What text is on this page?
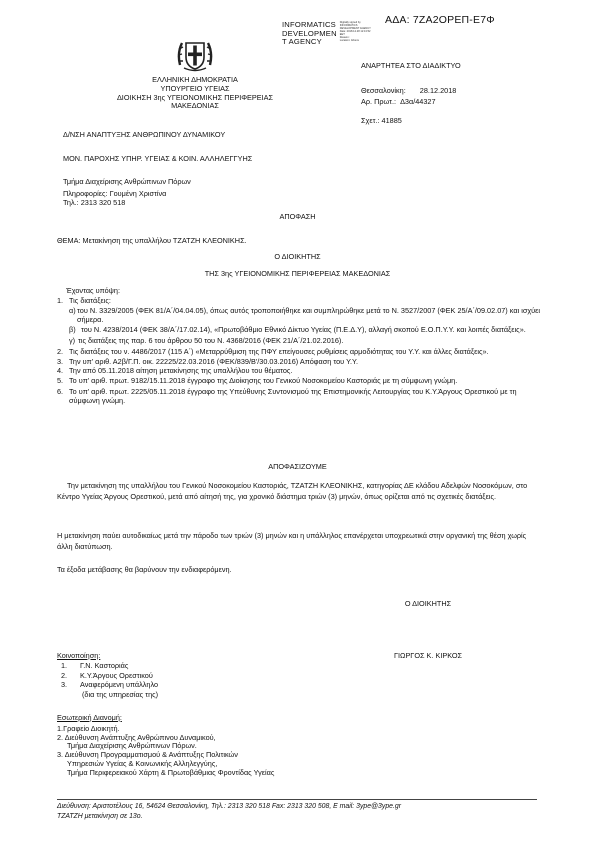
ΑΔΑ: 7ΖΑ2ΟΡΕΠ-Ε7Φ
INFORMATICS
DEVELOPMEN
T AGENCY
Digitally signed by
INFORMATICS
DEVELOPMENT AGENCY
Date: 2018.12.28 12:13:52
EET
Reason:
Location: Athens
ΕΛΛΗΝΙΚΗ ΔΗΜΟΚΡΑΤΙΑ
ΥΠΟΥΡΓΕΙΟ ΥΓΕΙΑΣ
ΔΙΟΙΚΗΣΗ 3ης ΥΓΕΙΟΝΟΜΙΚΗΣ ΠΕΡΙΦΕΡΕΙΑΣ
ΜΑΚΕΔΟΝΙΑΣ
ΑΝΑΡΤΗΤΕΑ ΣΤΟ ΔΙΑΔΙΚΤΥΟ
Θεσσαλονίκη: 28.12.2018
Αρ. Πρωτ.: Δ3α/44327
Σχετ.: 41885
Δ/ΝΣΗ ΑΝΑΠΤΥΞΗΣ ΑΝΘΡΩΠΙΝΟΥ ΔΥΝΑΜΙΚΟΥ
ΜΟΝ. ΠΑΡΟΧΗΣ ΥΠΗΡ. ΥΓΕΙΑΣ & ΚΟΙΝ. ΑΛΛΗΛΕΓΓΥΗΣ
Τμήμα Διαχείρισης Ανθρώπινων Πόρων
Πληροφορίες: Γουμένη Χριστίνα
Τηλ.: 2313 320 518
ΑΠΟΦΑΣΗ
ΘΕΜΑ: Μετακίνηση της υπαλλήλου ΤΖΑΤΖΗ ΚΛΕΟΝΙΚΗΣ.
Ο ΔΙΟΙΚΗΤΗΣ
ΤΗΣ 3ης ΥΓΕΙΟΝΟΜΙΚΗΣ ΠΕΡΙΦΕΡΕΙΑΣ ΜΑΚΕΔΟΝΙΑΣ
Έχοντας υπόψη:
1. Τις διατάξεις:
α) του Ν. 3329/2005 (ΦΕΚ 81/Α΄/04.04.05), όπως αυτός τροποποιήθηκε και συμπληρώθηκε μετά το Ν. 3527/2007 (ΦΕΚ 25/Α΄/09.02.07) και ισχύει σήμερα.
β) του Ν. 4238/2014 (ΦΕΚ 38/Α΄/17.02.14), «Πρωτοβάθμιο Εθνικό Δίκτυο Υγείας (Π.Ε.Δ.Υ), αλλαγή σκοπού Ε.Ο.Π.Υ.Υ. και λοιπές διατάξεις».
γ) τις διατάξεις της παρ. 6 του άρθρου 50 του Ν. 4368/2016 (ΦΕΚ 21/Α΄/21.02.2016).
2. Τις διατάξεις του ν. 4486/2017 (115 Α΄) «Μεταρρύθμιση της ΠΦΥ επείγουσες ρυθμίσεις αρμοδιότητας του Υ.Υ. και άλλες διατάξεις».
3. Την υπ' αριθ. Α2β/Γ.Π. οικ. 22225/22.03.2016 (ΦΕΚ/839/Β'/30.03.2016) Απόφαση του Υ.Υ.
4. Την από 05.11.2018 αίτηση μετακίνησης της υπαλλήλου του θέματος.
5. Το υπ' αριθ. πρωτ. 9182/15.11.2018 έγγραφο της Διοίκησης του Γενικού Νοσοκομείου Καστοριάς με τη σύμφωνη γνώμη.
6. Το υπ' αριθ. πρωτ. 2225/05.11.2018 έγγραφο της Υπεύθυνης Συντονισμού της Επιστημονικής Λειτουργίας του Κ.Υ.Άργους Ορεστικού με τη σύμφωνη γνώμη.
ΑΠΟΦΑΣΙΖΟΥΜΕ
Την μετακίνηση της υπαλλήλου του Γενικού Νοσοκομείου Καστοριάς, ΤΖΑΤΖΗ ΚΛΕΟΝΙΚΗΣ, κατηγορίας ΔΕ κλάδου Αδελφών Νοσοκόμων, στο Κέντρο Υγείας Άργους Ορεστικού, μετά από αίτησή της, για χρονικό διάστημα τριών (3) μηνών, όπως ορίζεται από τις σχετικές διατάξεις.
Η μετακίνηση παύει αυτοδικαίως μετά την πάροδο των τριών (3) μηνών και η υπάλληλος επανέρχεται υποχρεωτικά στην οργανική της θέση χωρίς άλλη διατύπωση.
Τα έξοδα μετάβασης θα βαρύνουν την ενδιαφερόμενη.
Ο ΔΙΟΙΚΗΤΗΣ
ΓΙΩΡΓΟΣ Κ. ΚΙΡΚΟΣ
Κοινοποίηση:
1.	Γ.Ν. Καστοριάς
2.	Κ.Υ.Άργους Ορεστικού
3.	Αναφερόμενη υπάλληλο
(δια της υπηρεσίας της)
Εσωτερική Διανομή:
1.Γραφείο Διοικητή.
2. Διεύθυνση Ανάπτυξης Ανθρώπινου Δυναμικού,
Τμήμα Διαχείρισης Ανθρώπινων Πόρων.
3. Διεύθυνση Προγραμματισμού & Ανάπτυξης Πολιτικών
Υπηρεσιών Υγείας & Κοινωνικής Αλληλεγγύης,
Τμήμα Περιφερειακού Χάρτη & Πρωτοβάθμιας Φροντίδας Υγείας
Διεύθυνση: Αριστοτέλους 16, 54624 Θεσσαλονίκη, Τηλ.: 2313 320 518 Fax: 2313 320 508, E mail: 3ype@3ype.gr
ΤΖΑΤΖΗ μετακίνηση σε 13ο.
